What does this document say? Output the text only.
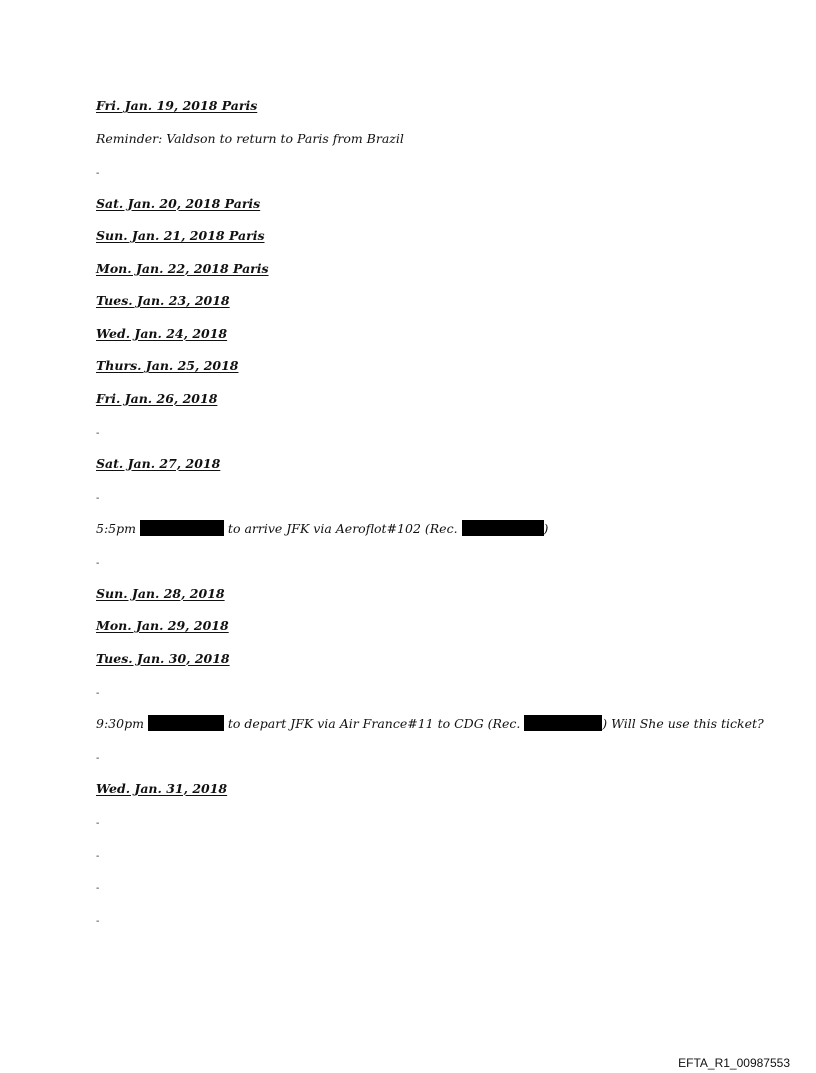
Fri. Jan. 19, 2018 Paris
Reminder: Valdson to return to Paris from Brazil
-
Sat. Jan. 20, 2018 Paris
Sun. Jan. 21, 2018 Paris
Mon. Jan. 22, 2018 Paris
Tues. Jan. 23, 2018
Wed. Jan. 24, 2018
Thurs. Jan. 25, 2018
Fri. Jan. 26, 2018
-
Sat. Jan. 27, 2018
-
5:5pm	to arrive JFK via Aeroflot#102 (Rec.	)
-
Sun. Jan. 28, 2018
Mon. Jan. 29, 2018
Tues. Jan. 30, 2018
-
9:30pm	to depart JFK via Air France#11 to CDG (Rec.	) Will She use this ticket?
-
Wed. Jan. 31, 2018
-
-
-
-
EFTA_R1_00987553
